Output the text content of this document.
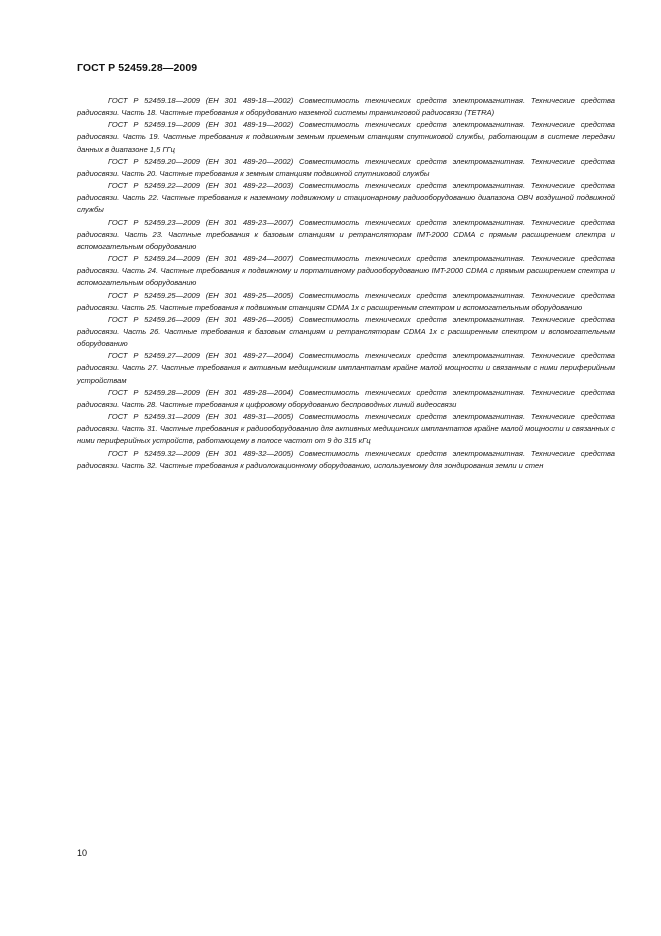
ГОСТ Р 52459.28—2009

ГОСТ Р 52459.18—2009 (ЕН 301 489-18—2002) Совместимость технических средств электромагнитная. Технические средства радиосвязи. Часть 18. Частные требования к оборудованию наземной системы транкинговой радиосвязи (TETRA)

ГОСТ Р 52459.19—2009 (ЕН 301 489-19—2002) Совместимость технических средств электромагнитная. Технические средства радиосвязи. Часть 19. Частные требования к подвижным земным приемным станциям спутниковой службы, работающим в системе передачи данных в диапазоне 1,5 ГГц

ГОСТ Р 52459.20—2009 (ЕН 301 489-20—2002) Совместимость технических средств электромагнитная. Технические средства радиосвязи. Часть 20. Частные требования к земным станциям подвижной спутниковой службы

ГОСТ Р 52459.22—2009 (ЕН 301 489-22—2003) Совместимость технических средств электромагнитная. Технические средства радиосвязи. Часть 22. Частные требования к наземному подвижному и стационарному радиооборудованию диапазона ОВЧ воздушной подвижной службы

ГОСТ Р 52459.23—2009 (ЕН 301 489-23—2007) Совместимость технических средств электромагнитная. Технические средства радиосвязи. Часть 23. Частные требования к базовым станциям и ретрансляторам IMT-2000 CDMA с прямым расширением спектра и вспомогательным оборудованию

ГОСТ Р 52459.24—2009 (ЕН 301 489-24—2007) Совместимость технических средств электромагнитная. Технические средства радиосвязи. Часть 24. Частные требования к подвижному и портативному радиооборудованию IMT-2000 CDMA с прямым расширением спектра и вспомогательным оборудованию

ГОСТ Р 52459.25—2009 (ЕН 301 489-25—2005) Совместимость технических средств электромагнитная. Технические средства радиосвязи. Часть 25. Частные требования к подвижным станциям CDMA 1x с расширенным спектром и вспомогательным оборудованию

ГОСТ Р 52459.26—2009 (ЕН 301 489-26—2005) Совместимость технических средств электромагнитная. Технические средства радиосвязи. Часть 26. Частные требования к базовым станциям и ретрансляторам CDMA 1x с расширенным спектром и вспомогательным оборудованию

ГОСТ Р 52459.27—2009 (ЕН 301 489-27—2004) Совместимость технических средств электромагнитная. Технические средства радиосвязи. Часть 27. Частные требования к активным медицинским имплантатам крайне малой мощности и связанным с ними периферийным устройствам

ГОСТ Р 52459.28—2009 (ЕН 301 489-28—2004) Совместимость технических средств электромагнитная. Технические средства радиосвязи. Часть 28. Частные требования к цифровому оборудованию беспроводных линий видеосвязи

ГОСТ Р 52459.31—2009 (ЕН 301 489-31—2005) Совместимость технических средств электромагнитная. Технические средства радиосвязи. Часть 31. Частные требования к радиооборудованию для активных медицинских имплантатов крайне малой мощности и связанных с ними периферийных устройств, работающему в полосе частот от 9 до 315 кГц

ГОСТ Р 52459.32—2009 (ЕН 301 489-32—2005) Совместимость технических средств электромагнитная. Технические средства радиосвязи. Часть 32. Частные требования к радиолокационному оборудованию, используемому для зондирования земли и стен

10
